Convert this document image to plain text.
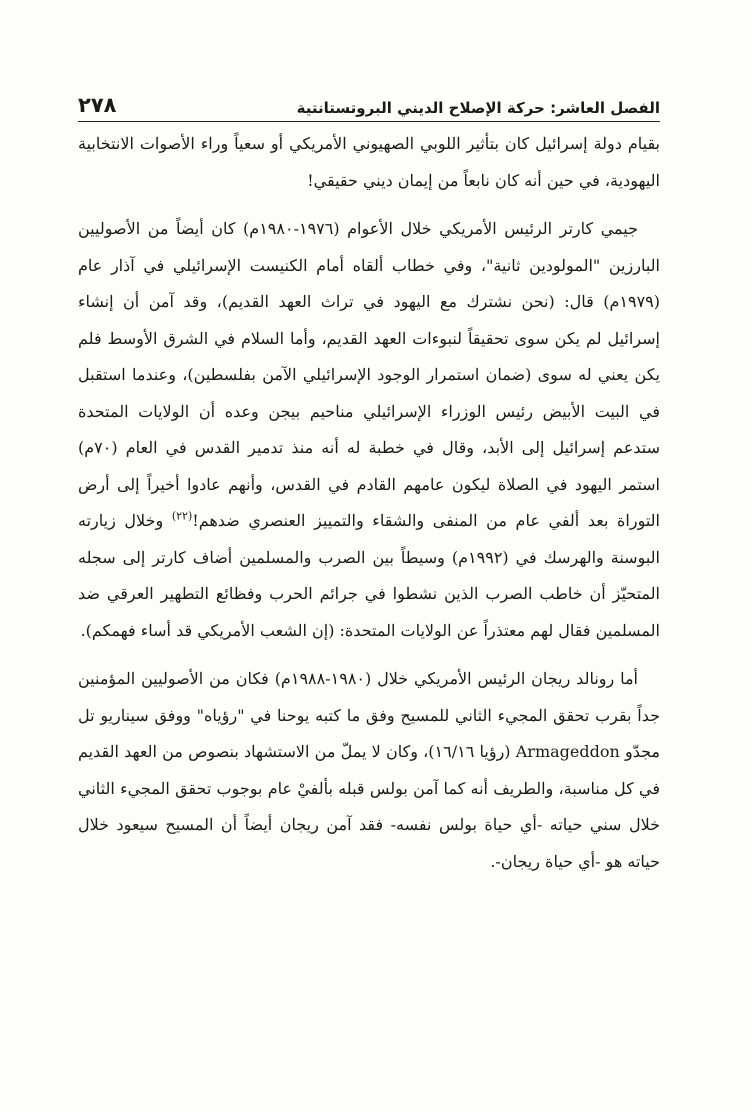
الفصل العاشر: حركة الإصلاح الديني البروتستانتية
٢٧٨

بقيام دولة إسرائيل كان بتأثير اللوبي الصهيوني الأمريكي أو سعياً وراء الأصوات الانتخابية اليهودية، في حين أنه كان نابعاً من إيمان ديني حقيقي!

جيمي كارتر الرئيس الأمريكي خلال الأعوام (١٩٧٦-١٩٨٠م) كان أيضاً من الأصوليين البارزين "المولودين ثانية"، وفي خطاب ألقاه أمام الكنيست الإسرائيلي في آذار عام (١٩٧٩م) قال: (نحن نشترك مع اليهود في تراث العهد القديم)، وقد آمن أن إنشاء إسرائيل لم يكن سوى تحقيقاً لنبوءات العهد القديم، وأما السلام في الشرق الأوسط فلم يكن يعني له سوى (ضمان استمرار الوجود الإسرائيلي الآمن بفلسطين)، وعندما استقبل في البيت الأبيض رئيس الوزراء الإسرائيلي مناحيم بيجن وعده أن الولايات المتحدة ستدعم إسرائيل إلى الأبد، وقال في خطبة له أنه منذ تدمير القدس في العام (٧٠م) استمر اليهود في الصلاة ليكون عامهم القادم في القدس، وأنهم عادوا أخيراً إلى أرض التوراة بعد ألفي عام من المنفى والشقاء والتمييز العنصري ضدهم!$^{(٢٢)}$ وخلال زيارته البوسنة والهرسك في (١٩٩٢م) وسيطاً بين الصرب والمسلمين أضاف كارتر إلى سجله المتحيّز أن خاطب الصرب الذين نشطوا في جرائم الحرب وفظائع التطهير العرقي ضد المسلمين فقال لهم معتذراً عن الولايات المتحدة: (إن الشعب الأمريكي قد أساء فهمكم).

أما رونالد ريجان الرئيس الأمريكي خلال (١٩٨٠-١٩٨٨م) فكان من الأصوليين المؤمنين جداً بقرب تحقق المجيء الثاني للمسيح وفق ما كتبه يوحنا في "رؤياه" ووفق سيناريو تل مجدّو Armageddon (رؤيا ١٦/١٦)، وكان لا يملّ من الاستشهاد بنصوص من العهد القديم في كل مناسبة، والطريف أنه كما آمن بولس قبله بألفيْ عام بوجوب تحقق المجيء الثاني خلال سني حياته -أي حياة بولس نفسه- فقد آمن ريجان أيضاً أن المسيح سيعود خلال حياته هو -أي حياة ريجان-.
